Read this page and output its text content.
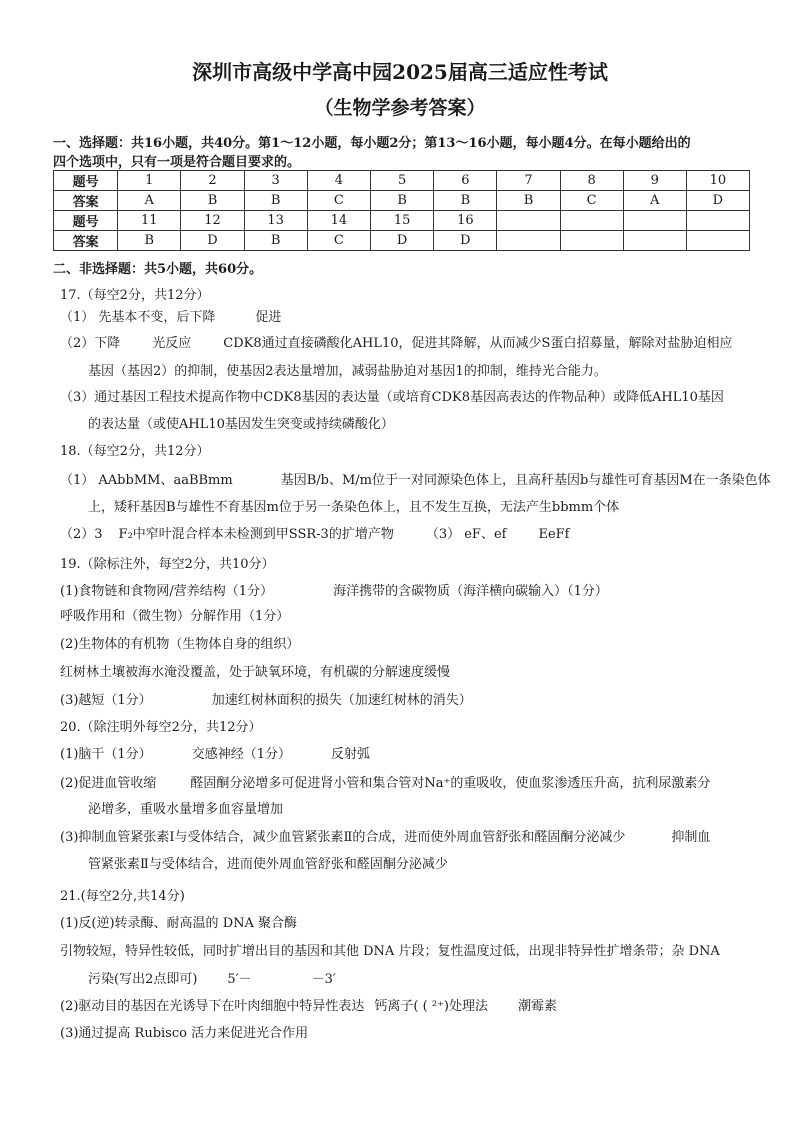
深圳市高级中学高中园2025届高三适应性考试
（生物学参考答案）
一、选择题：共16小题，共40分。第1～12小题，每小题2分；第13～16小题，每小题4分。在每小题给出的
四个选项中，只有一项是符合题目要求的。
题号	1	2	3	4	5	6	7	8	9	10
答案	A	B	B	C	B	B	B	C	A	D
题号	11	12	13	14	15	16				
答案	B	D	B	C	D	D				
二、非选择题：共5小题，共60分。
17.（每空2分，共12分）
（1） 先基本不变，后下降	促进
（2）下降 光反应 CDK8通过直接磷酸化AHL10，促进其降解，从而减少S蛋白招募量，解除对盐胁迫相应
基因（基因2）的抑制，使基因2表达量增加，减弱盐胁迫对基因1的抑制，维持光合能力。
（3）通过基因工程技术提高作物中CDK8基因的表达量（或培育CDK8基因高表达的作物品种）或降低AHL10基因
的表达量（或使AHL10基因发生突变或持续磷酸化）
18.（每空2分，共12分）
（1） AAbbMM、aaBBmm	基因B/b、M/m位于一对同源染色体上，且高秆基因b与雄性可育基因M在一条染色体
上，矮秆基因B与雄性不育基因m位于另一条染色体上，且不发生互换，无法产生bbmm个体
（2）3 F₂中窄叶混合样本未检测到甲SSR-3的扩增产物 （3） eF、ef EeFf
19.（除标注外，每空2分，共10分）
(1)食物链和食物网/营养结构（1分）	海洋携带的含碳物质（海洋横向碳输入）（1分）
呼吸作用和（微生物）分解作用（1分）
(2)生物体的有机物（生物体自身的组织）
红树林土壤被海水淹没覆盖，处于缺氧环境，有机碳的分解速度缓慢
(3)越短（1分）	加速红树林面积的损失（加速红树林的消失）
20.（除注明外每空2分，共12分）
(1)脑干（1分）	交感神经（1分）	反射弧
(2)促进血管收缩	醛固酮分泌增多可促进肾小管和集合管对Na⁺的重吸收，使血浆渗透压升高，抗利尿激素分
泌增多，重吸水量增多血容量增加
(3)抑制血管紧张素Ⅰ与受体结合，减少血管紧张素Ⅱ的合成，进而使外周血管舒张和醛固酮分泌减少	抑制血
管紧张素Ⅱ与受体结合，进而使外周血管舒张和醛固酮分泌减少
21.(每空2分,共14分)
(1)反(逆)转录酶、耐高温的 DNA 聚合酶
引物较短，特异性较低，同时扩增出目的基因和其他 DNA 片段；复性温度过低，出现非特异性扩增条带；杂 DNA
污染(写出2点即可) 5′－	－3′
(2)驱动目的基因在光诱导下在叶肉细胞中特异性表达 钙离子( ( ²⁺)处理法 潮霉素
(3)通过提高 Rubisco 活力来促进光合作用
